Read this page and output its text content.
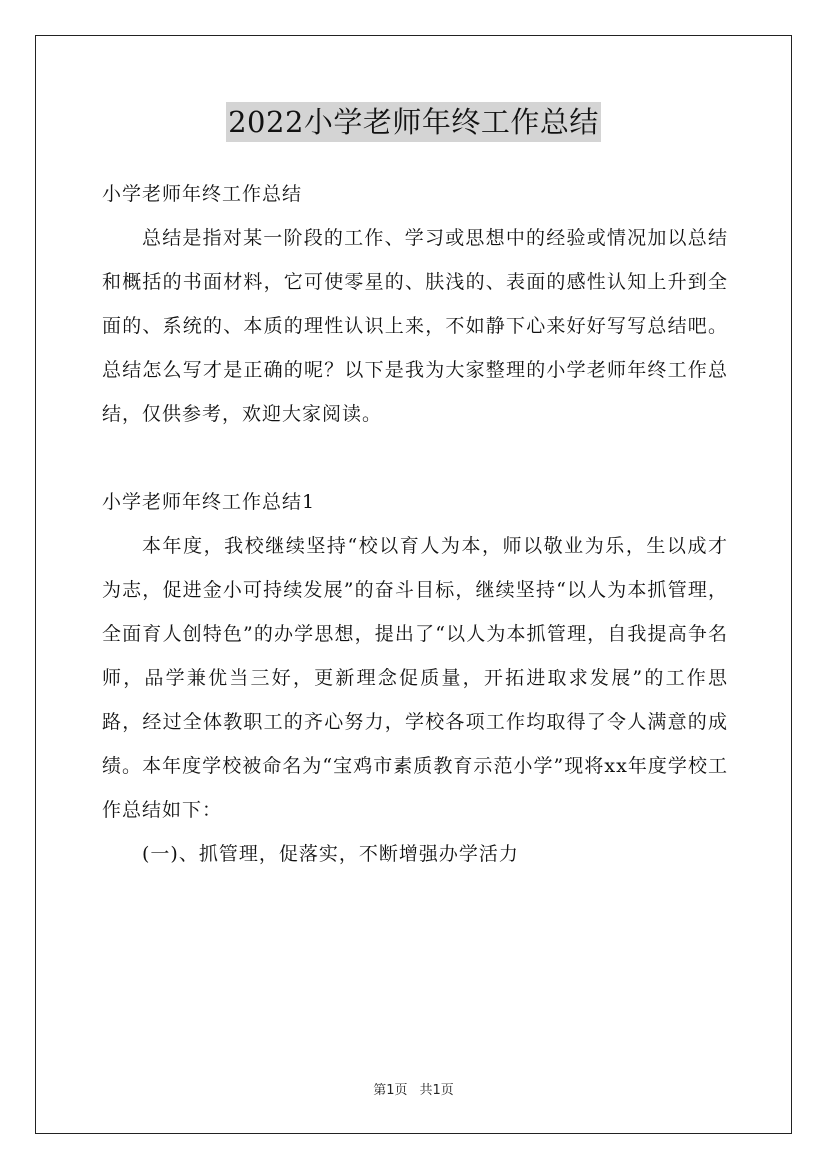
2022小学老师年终工作总结

小学老师年终工作总结

总结是指对某一阶段的工作、学习或思想中的经验或情况加以总结和概括的书面材料，它可使零星的、肤浅的、表面的感性认知上升到全面的、系统的、本质的理性认识上来，不如静下心来好好写写总结吧。总结怎么写才是正确的呢？以下是我为大家整理的小学老师年终工作总结，仅供参考，欢迎大家阅读。

小学老师年终工作总结1

本年度，我校继续坚持“校以育人为本，师以敬业为乐，生以成才为志，促进金小可持续发展”的奋斗目标，继续坚持“以人为本抓管理，全面育人创特色”的办学思想，提出了“以人为本抓管理，自我提高争名师，品学兼优当三好，更新理念促质量，开拓进取求发展”的工作思路，经过全体教职工的齐心努力，学校各项工作均取得了令人满意的成绩。本年度学校被命名为“宝鸡市素质教育示范小学”现将xx年度学校工作总结如下：

(一)、抓管理，促落实，不断增强办学活力

第1页 共1页
